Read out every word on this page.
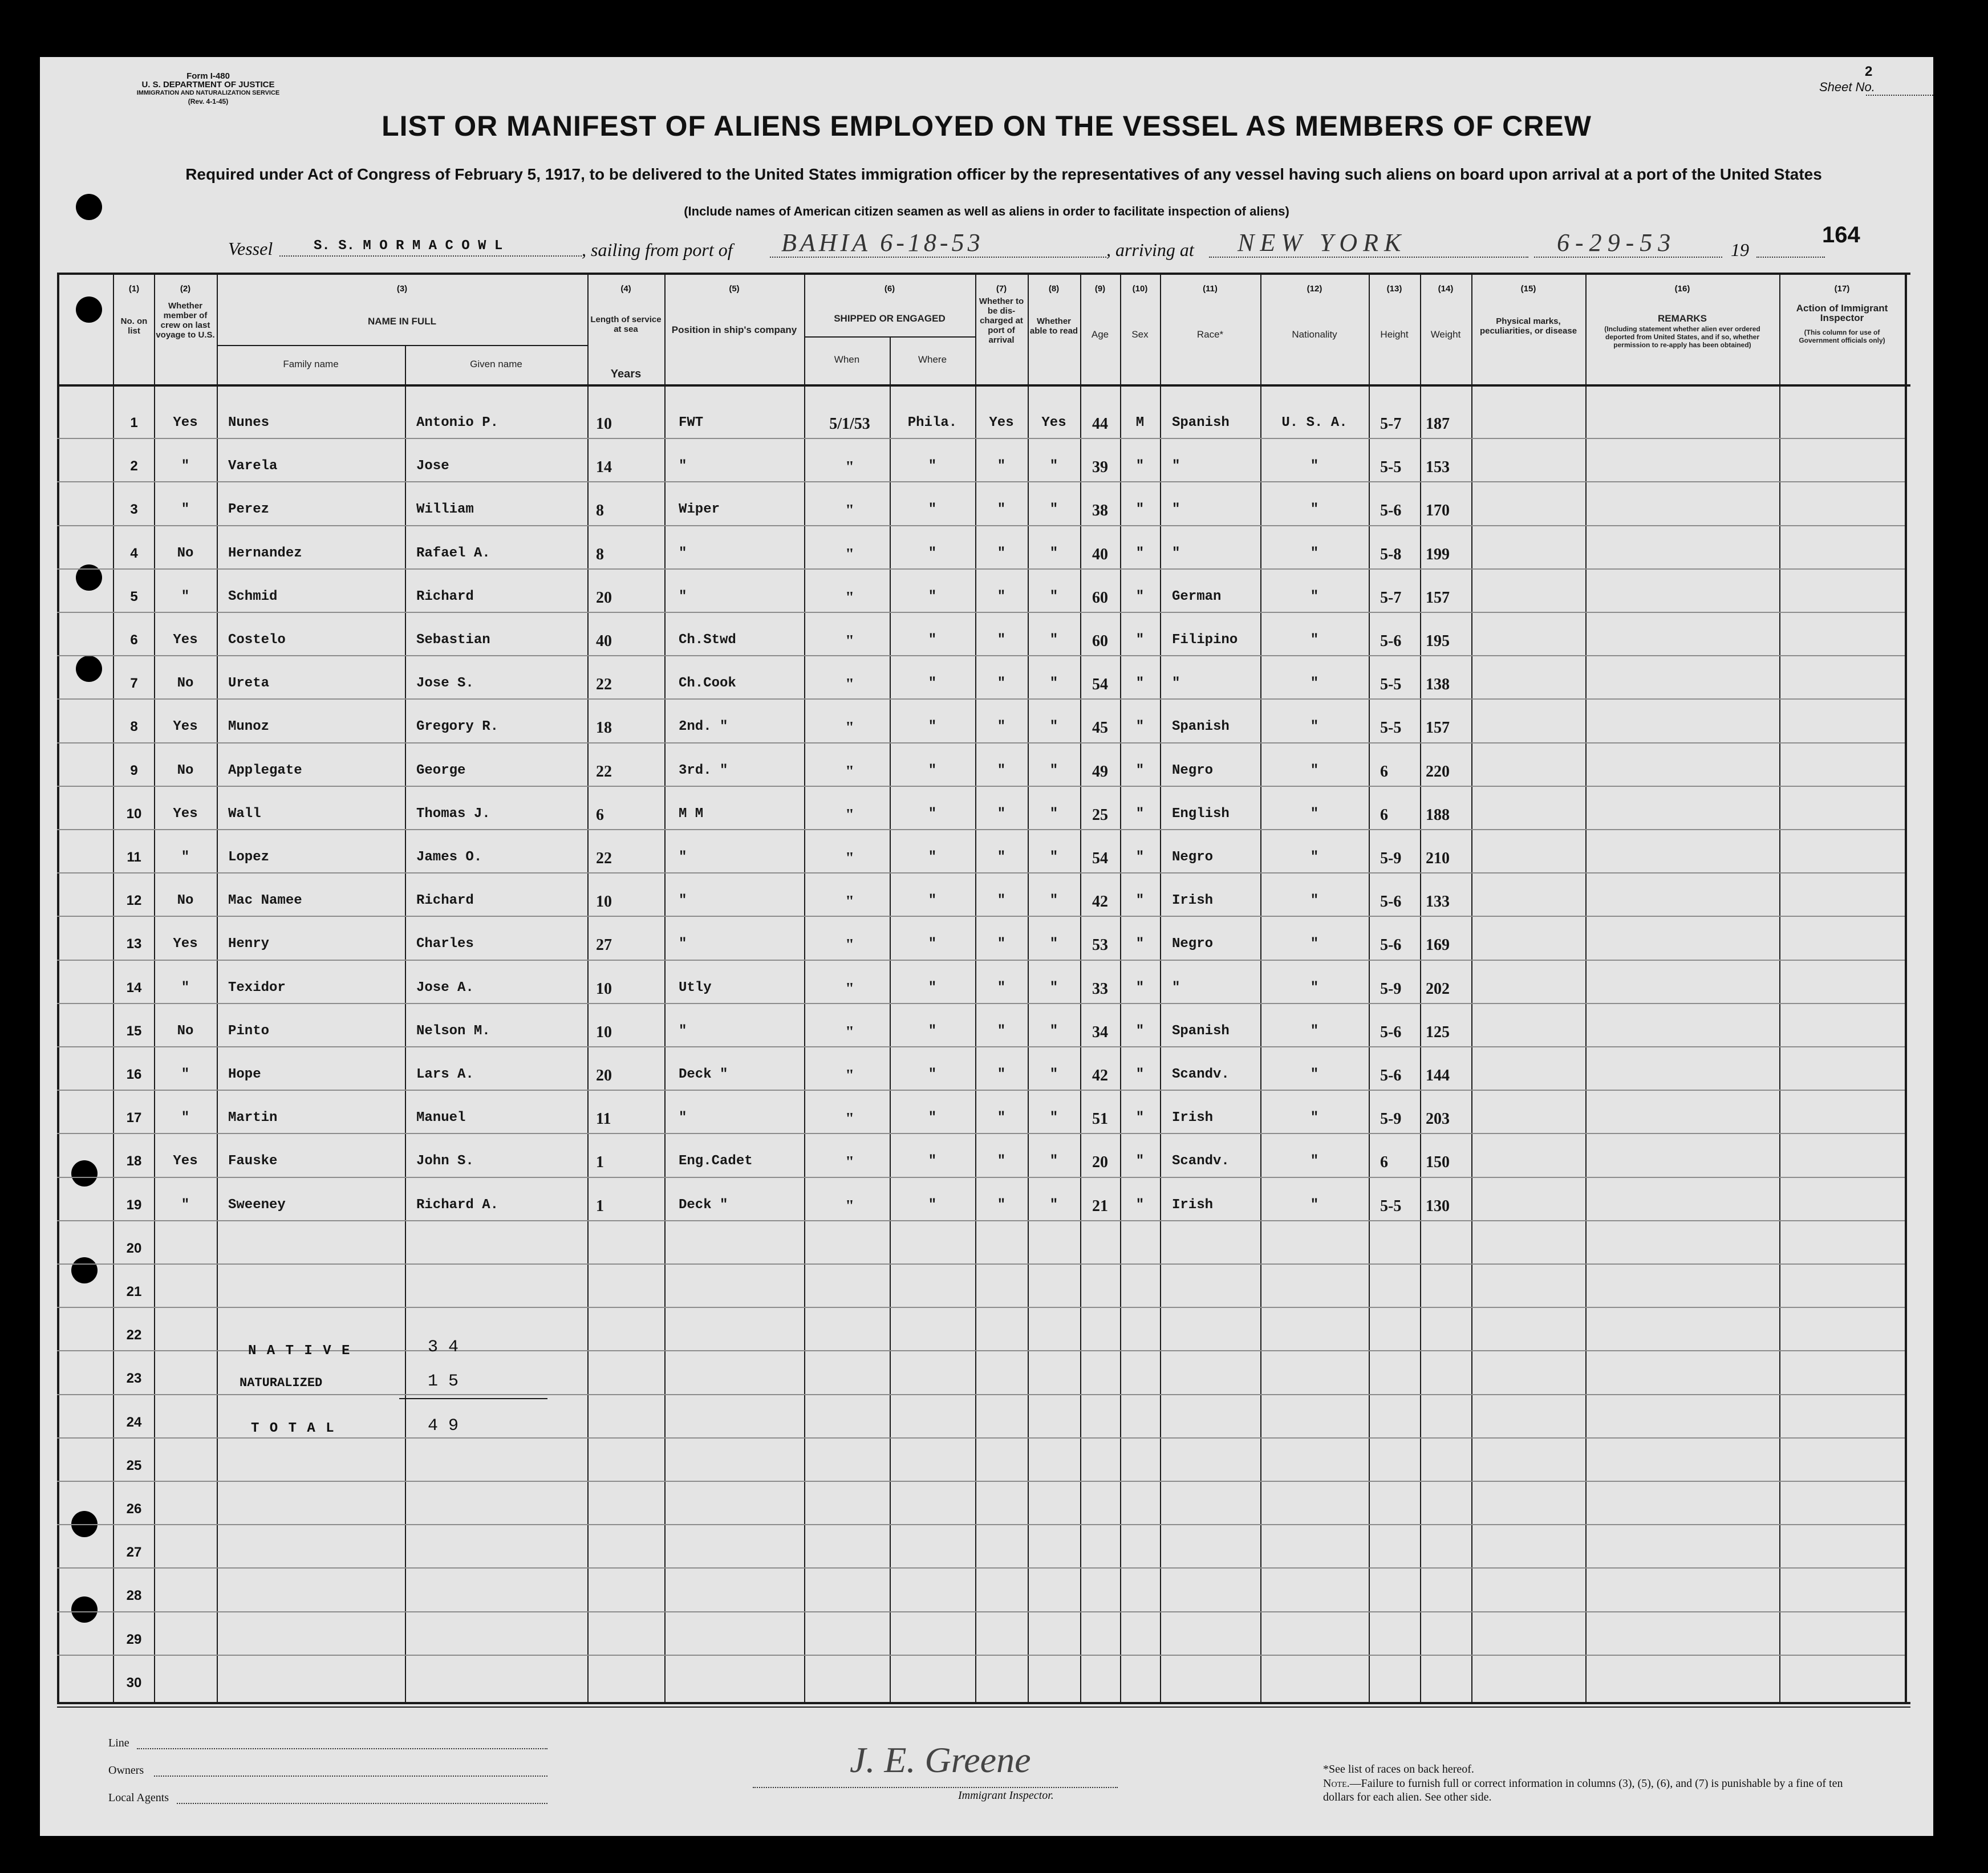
Form I-480
U. S. DEPARTMENT OF JUSTICE
IMMIGRATION AND NATURALIZATION SERVICE
(Rev. 4-1-45)
Sheet No.
2
LIST OR MANIFEST OF ALIENS EMPLOYED ON THE VESSEL AS MEMBERS OF CREW
Required under Act of Congress of February 5, 1917, to be delivered to the United States immigration officer by the representatives of any vessel having such aliens on board upon arrival at a port of the United States
(Include names of American citizen seamen as well as aliens in order to facilitate inspection of aliens)
Vessel	S. S. M O R M A C O W L	, sailing from port of BAHIA 6-18-53	, arriving at NEW YORK	6-29-53	19
164
(1)
No. on list
(2)
Whether member of crew on last voyage to U.S.
(3)
NAME IN FULL
Family name	Given name
(4)
Length of service at sea
Years
(5)
Position in ship's company
(6)
SHIPPED OR ENGAGED
When	Where
(7)
Whether to be dis-charged at port of arrival
(8)
Whether able to read
(9)
Age
(10)
Sex
(11)
Race*
(12)
Nationality
(13)
Height
(14)
Weight
(15)
Physical marks, peculiarities, or disease
(16)
REMARKS
(Including statement whether alien ever ordered deported from United States, and if so, whether permission to re-apply has been obtained)
(17)
Action of Immigrant Inspector
(This column for use of Government officials only)
1	Yes	Nunes	Antonio P.	10	FWT	5/1/53	Phila.	Yes	Yes	44	M	Spanish	U. S. A.	5-7	187
2	"	Varela	Jose	14	"	"	"	"	"	39	"	"	"	5-5	153
3	"	Perez	William	8	Wiper	"	"	"	"	38	"	"	"	5-6	170
4	No	Hernandez	Rafael A.	8	"	"	"	"	"	40	"	"	"	5-8	199
5	"	Schmid	Richard	20	"	"	"	"	"	60	"	German	"	5-7	157
6	Yes	Costelo	Sebastian	40	Ch.Stwd	"	"	"	"	60	"	Filipino	"	5-6	195
7	No	Ureta	Jose S.	22	Ch.Cook	"	"	"	"	54	"	"	"	5-5	138
8	Yes	Munoz	Gregory R.	18	2nd. "	"	"	"	"	45	"	Spanish	"	5-5	157
9	No	Applegate	George	22	3rd. "	"	"	"	"	49	"	Negro	"	6	220
10	Yes	Wall	Thomas J.	6	M M	"	"	"	"	25	"	English	"	6	188
11	"	Lopez	James O.	22	"	"	"	"	"	54	"	Negro	"	5-9	210
12	No	Mac Namee	Richard	10	"	"	"	"	"	42	"	Irish	"	5-6	133
13	Yes	Henry	Charles	27	"	"	"	"	"	53	"	Negro	"	5-6	169
14	"	Texidor	Jose A.	10	Utly	"	"	"	"	33	"	"	"	5-9	202
15	No	Pinto	Nelson M.	10	"	"	"	"	"	34	"	Spanish	"	5-6	125
16	"	Hope	Lars A.	20	Deck "	"	"	"	"	42	"	Scandv.	"	5-6	144
17	"	Martin	Manuel	11	"	"	"	"	"	51	"	Irish	"	5-9	203
18	Yes	Fauske	John S.	1	Eng.Cadet	"	"	"	"	20	"	Scandv.	"	6	150
19	"	Sweeney	Richard A.	1	Deck "	"	"	"	"	21	"	Irish	"	5-5	130
20
21
22
23
24
25
26
27
28
29
30
N A T I V E	3 4
NATURALIZED	1 5
T O T A L	4 9
Line
Owners
Local Agents
J. E. Greene
Immigrant Inspector.
*See list of races on back hereof.
Note.—Failure to furnish full or correct information in columns (3), (5), (6), and (7) is punishable by a fine of ten dollars for each alien. See other side.
